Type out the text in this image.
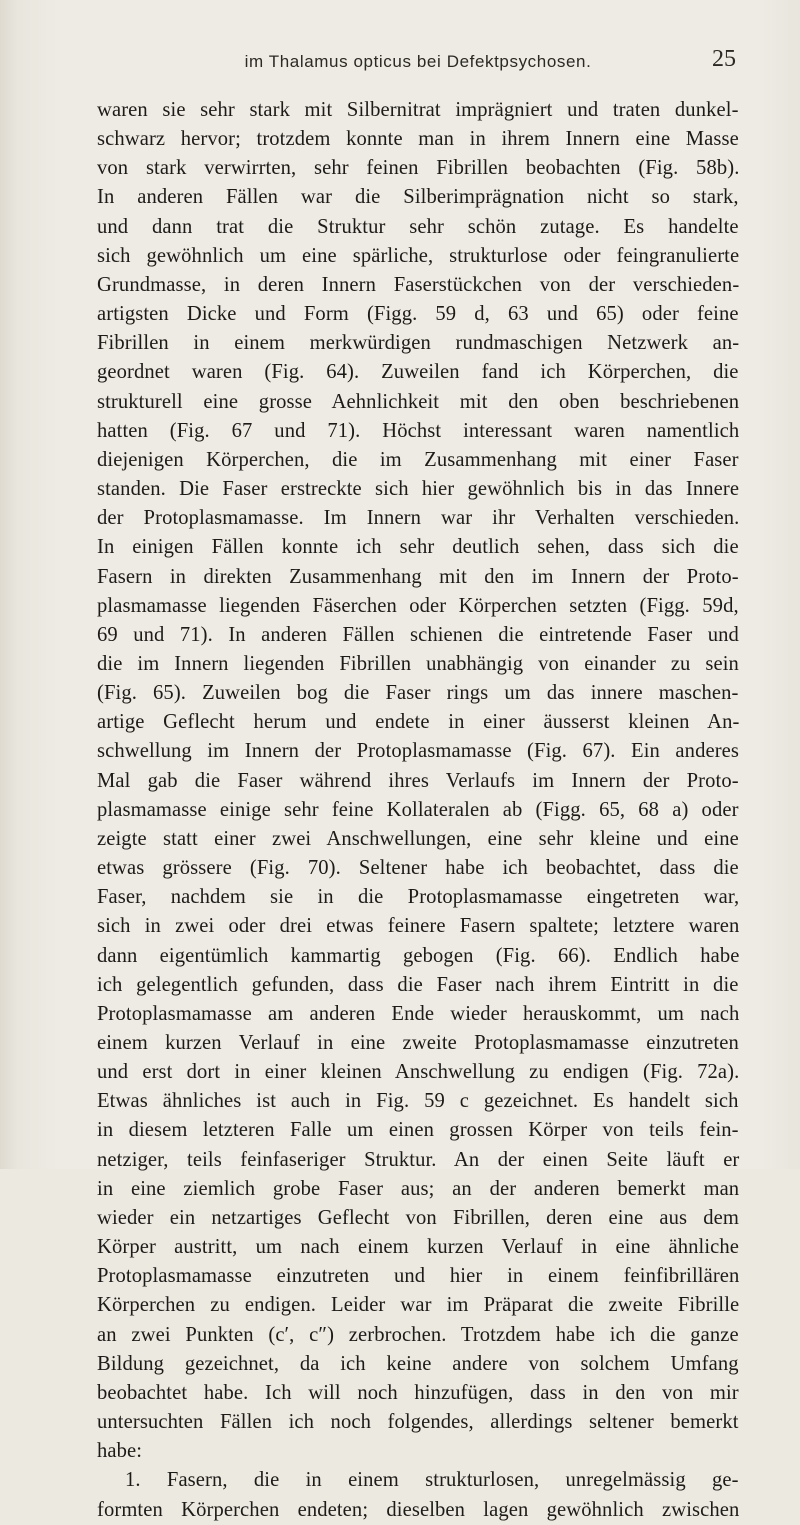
im Thalamus opticus bei Defektpsychosen.	25
waren sie sehr stark mit Silbernitrat imprägniert und traten dunkel-
schwarz hervor; trotzdem konnte man in ihrem Innern eine Masse
von stark verwirrten, sehr feinen Fibrillen beobachten (Fig. 58b).
In anderen Fällen war die Silberimprägnation nicht so stark,
und dann trat die Struktur sehr schön zutage. Es handelte
sich gewöhnlich um eine spärliche, strukturlose oder feingranulierte
Grundmasse, in deren Innern Faserstückchen von der verschieden-
artigsten Dicke und Form (Figg. 59 d, 63 und 65) oder feine
Fibrillen in einem merkwürdigen rundmaschigen Netzwerk an-
geordnet waren (Fig. 64). Zuweilen fand ich Körperchen, die
strukturell eine grosse Aehnlichkeit mit den oben beschriebenen
hatten (Fig. 67 und 71). Höchst interessant waren namentlich
diejenigen Körperchen, die im Zusammenhang mit einer Faser
standen. Die Faser erstreckte sich hier gewöhnlich bis in das Innere
der Protoplasmamasse. Im Innern war ihr Verhalten verschieden.
In einigen Fällen konnte ich sehr deutlich sehen, dass sich die
Fasern in direkten Zusammenhang mit den im Innern der Proto-
plasmamasse liegenden Fäserchen oder Körperchen setzten (Figg. 59d,
69 und 71). In anderen Fällen schienen die eintretende Faser und
die im Innern liegenden Fibrillen unabhängig von einander zu sein
(Fig. 65). Zuweilen bog die Faser rings um das innere maschen-
artige Geflecht herum und endete in einer äusserst kleinen An-
schwellung im Innern der Protoplasmamasse (Fig. 67). Ein anderes
Mal gab die Faser während ihres Verlaufs im Innern der Proto-
plasmamasse einige sehr feine Kollateralen ab (Figg. 65, 68 a) oder
zeigte statt einer zwei Anschwellungen, eine sehr kleine und eine
etwas grössere (Fig. 70). Seltener habe ich beobachtet, dass die
Faser, nachdem sie in die Protoplasmamasse eingetreten war,
sich in zwei oder drei etwas feinere Fasern spaltete; letztere waren
dann eigentümlich kammartig gebogen (Fig. 66). Endlich habe
ich gelegentlich gefunden, dass die Faser nach ihrem Eintritt in die
Protoplasmamasse am anderen Ende wieder herauskommt, um nach
einem kurzen Verlauf in eine zweite Protoplasmamasse einzutreten
und erst dort in einer kleinen Anschwellung zu endigen (Fig. 72a).
Etwas ähnliches ist auch in Fig. 59 c gezeichnet. Es handelt sich
in diesem letzteren Falle um einen grossen Körper von teils fein-
netziger, teils feinfaseriger Struktur. An der einen Seite läuft er
in eine ziemlich grobe Faser aus; an der anderen bemerkt man
wieder ein netzartiges Geflecht von Fibrillen, deren eine aus dem
Körper austritt, um nach einem kurzen Verlauf in eine ähnliche
Protoplasmamasse einzutreten und hier in einem feinfibrillären
Körperchen zu endigen. Leider war im Präparat die zweite Fibrille
an zwei Punkten (c′, c″) zerbrochen. Trotzdem habe ich die ganze
Bildung gezeichnet, da ich keine andere von solchem Umfang
beobachtet habe. Ich will noch hinzufügen, dass in den von mir
untersuchten Fällen ich noch folgendes, allerdings seltener bemerkt
habe:
1. Fasern, die in einem strukturlosen, unregelmässig ge-
formten Körperchen endeten; dieselben lagen gewöhnlich zwischen
